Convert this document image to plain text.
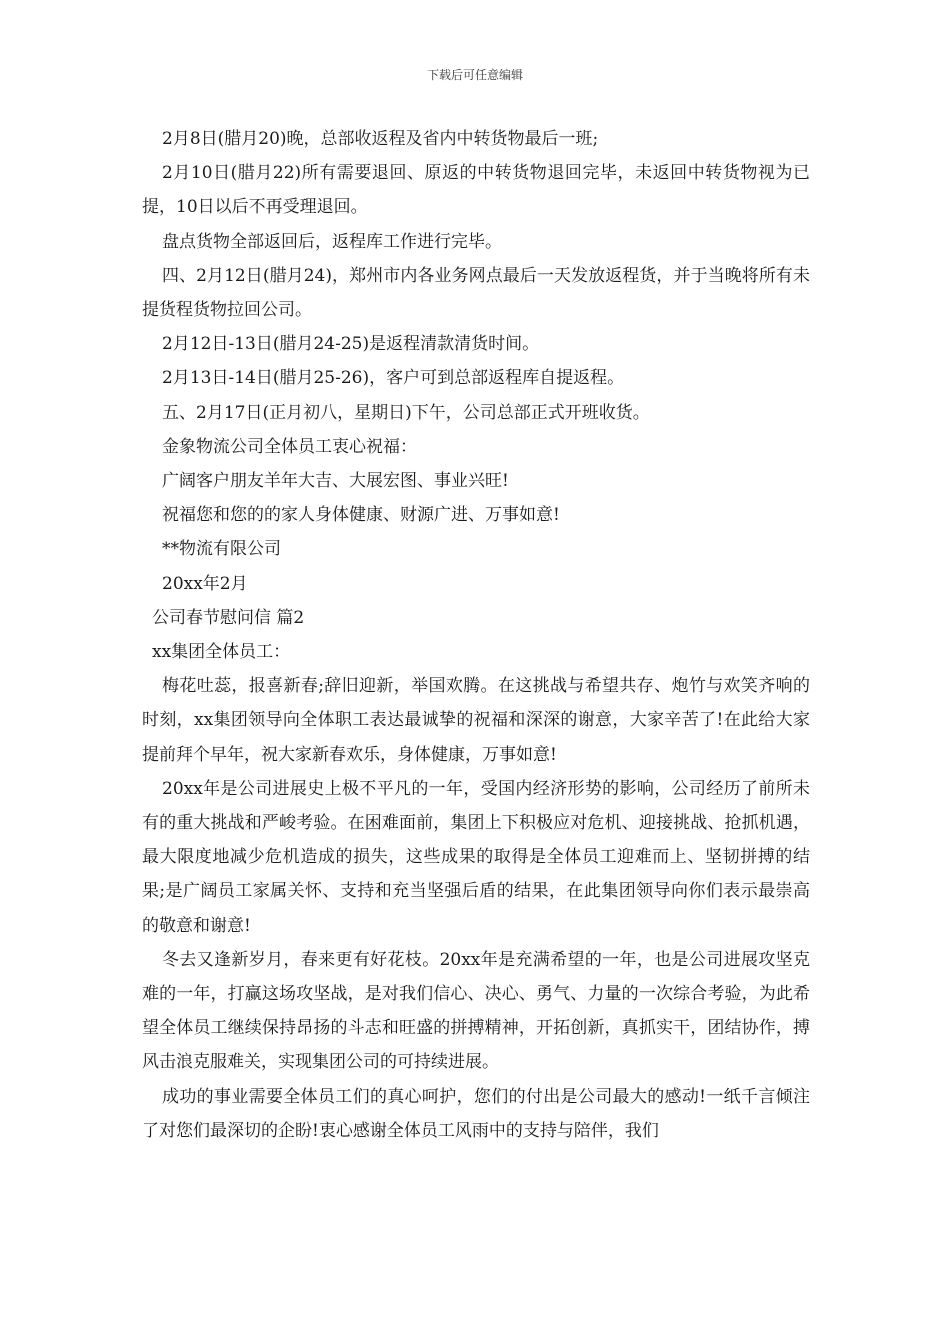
下载后可任意编辑

2月8日(腊月20)晚，总部收返程及省内中转货物最后一班;

2月10日(腊月22)所有需要退回、原返的中转货物退回完毕，未返回中转货物视为已提，10日以后不再受理退回。

盘点货物全部返回后，返程库工作进行完毕。

四、2月12日(腊月24)，郑州市内各业务网点最后一天发放返程货，并于当晚将所有未提货程货物拉回公司。

2月12日-13日(腊月24-25)是返程清款清货时间。

2月13日-14日(腊月25-26)，客户可到总部返程库自提返程。

五、2月17日(正月初八，星期日)下午，公司总部正式开班收货。

金象物流公司全体员工衷心祝福：

广阔客户朋友羊年大吉、大展宏图、事业兴旺!

祝福您和您的的家人身体健康、财源广进、万事如意!

**物流有限公司

20xx年2月

公司春节慰问信 篇2

xx集团全体员工：

梅花吐蕊，报喜新春;辞旧迎新，举国欢腾。在这挑战与希望共存、炮竹与欢笑齐响的时刻，xx集团领导向全体职工表达最诚挚的祝福和深深的谢意，大家辛苦了!在此给大家提前拜个早年，祝大家新春欢乐，身体健康，万事如意!

20xx年是公司进展史上极不平凡的一年，受国内经济形势的影响，公司经历了前所未有的重大挑战和严峻考验。在困难面前，集团上下积极应对危机、迎接挑战、抢抓机遇，最大限度地减少危机造成的损失，这些成果的取得是全体员工迎难而上、坚韧拼搏的结果;是广阔员工家属关怀、支持和充当坚强后盾的结果，在此集团领导向你们表示最崇高的敬意和谢意!

冬去又逢新岁月，春来更有好花枝。20xx年是充满希望的一年，也是公司进展攻坚克难的一年，打赢这场攻坚战，是对我们信心、决心、勇气、力量的一次综合考验，为此希望全体员工继续保持昂扬的斗志和旺盛的拼搏精神，开拓创新，真抓实干，团结协作，搏风击浪克服难关，实现集团公司的可持续进展。

成功的事业需要全体员工们的真心呵护，您们的付出是公司最大的感动!一纸千言倾注了对您们最深切的企盼!衷心感谢全体员工风雨中的支持与陪伴，我们
